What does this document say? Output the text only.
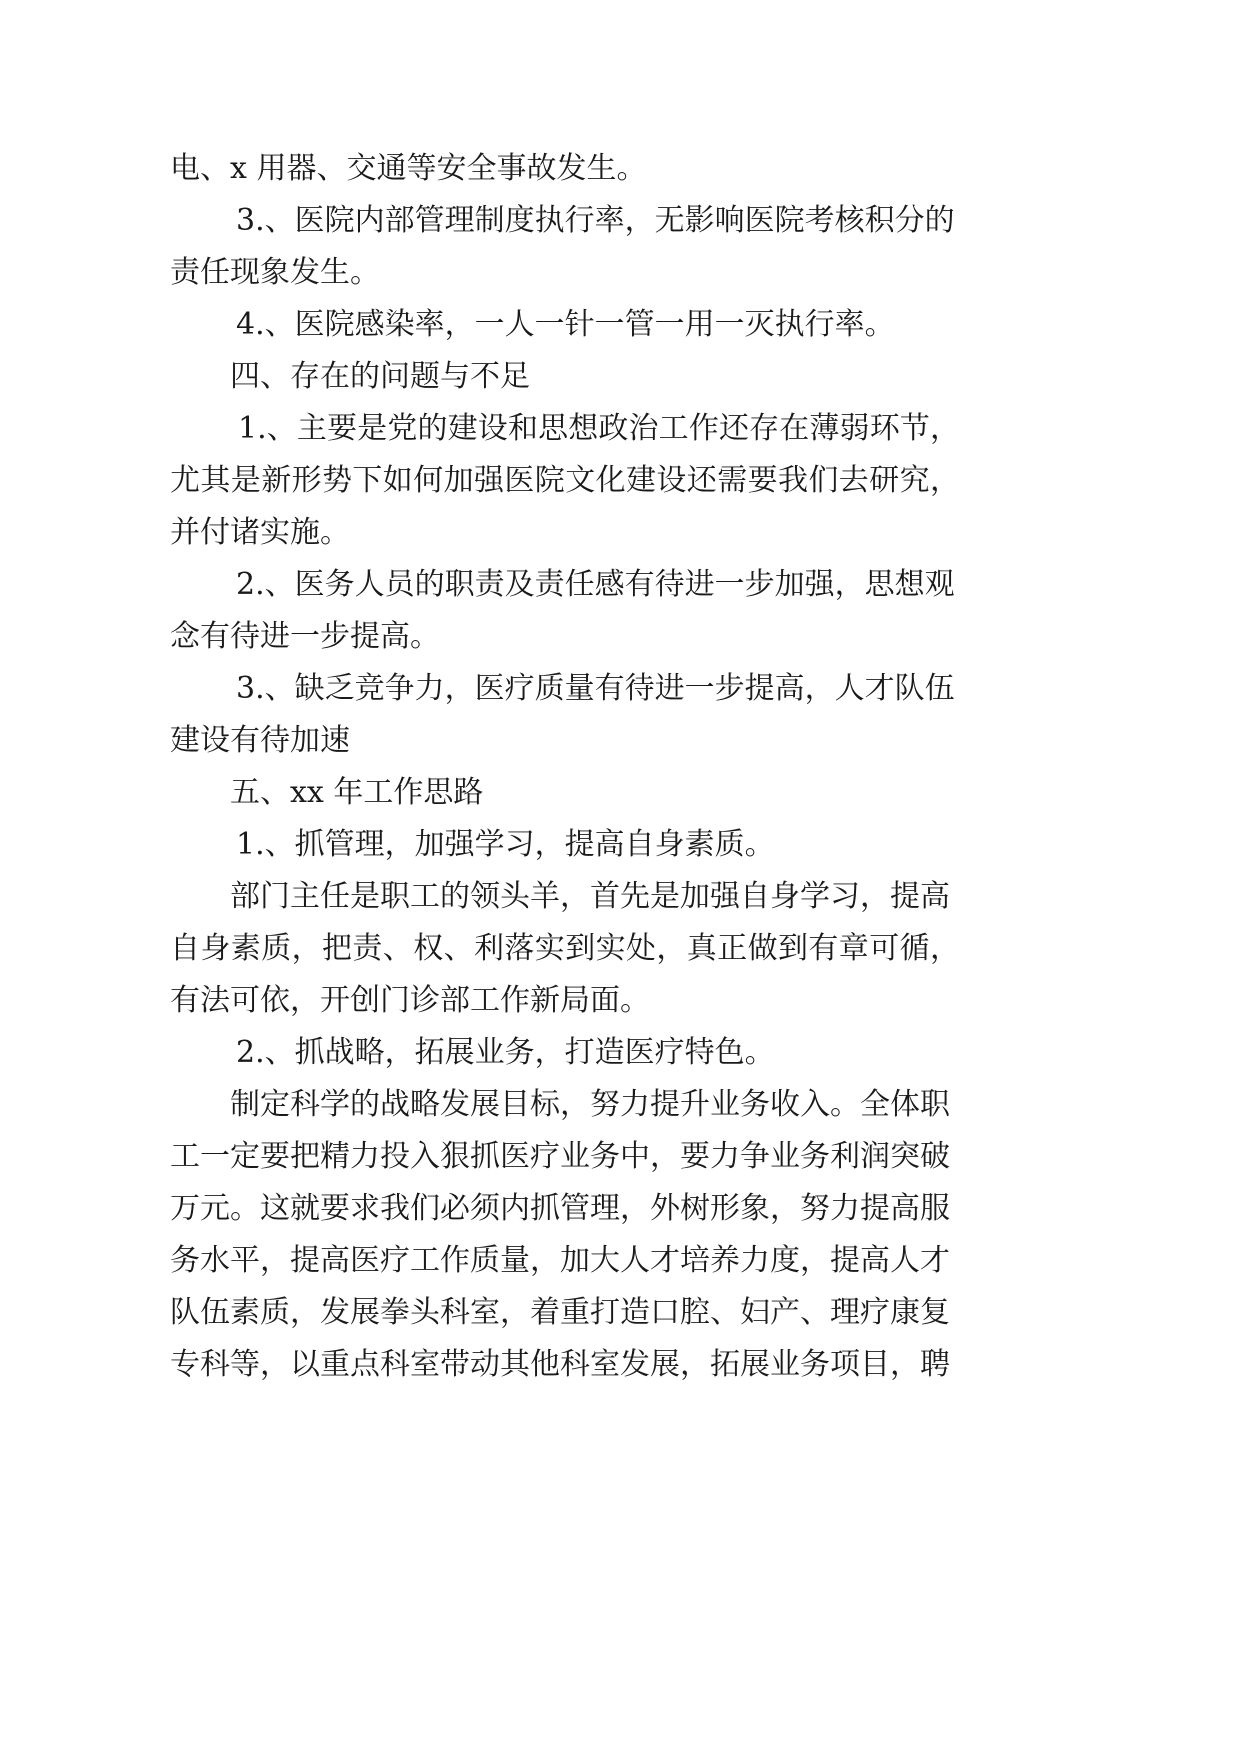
电、x 用器、交通等安全事故发生。
3.、医院内部管理制度执行率，无影响医院考核积分的
责任现象发生。
4.、医院感染率，一人一针一管一用一灭执行率。
四、存在的问题与不足
1.、主要是党的建设和思想政治工作还存在薄弱环节，
尤其是新形势下如何加强医院文化建设还需要我们去研究，
并付诸实施。
2.、医务人员的职责及责任感有待进一步加强，思想观
念有待进一步提高。
3.、缺乏竞争力，医疗质量有待进一步提高，人才队伍
建设有待加速
五、xx 年工作思路
1.、抓管理，加强学习，提高自身素质。
部门主任是职工的领头羊，首先是加强自身学习，提高
自身素质，把责、权、利落实到实处，真正做到有章可循，
有法可依，开创门诊部工作新局面。
2.、抓战略，拓展业务，打造医疗特色。
制定科学的战略发展目标，努力提升业务收入。全体职
工一定要把精力投入狠抓医疗业务中，要力争业务利润突破
万元。这就要求我们必须内抓管理，外树形象，努力提高服
务水平，提高医疗工作质量，加大人才培养力度，提高人才
队伍素质，发展拳头科室，着重打造口腔、妇产、理疗康复
专科等，以重点科室带动其他科室发展，拓展业务项目，聘
